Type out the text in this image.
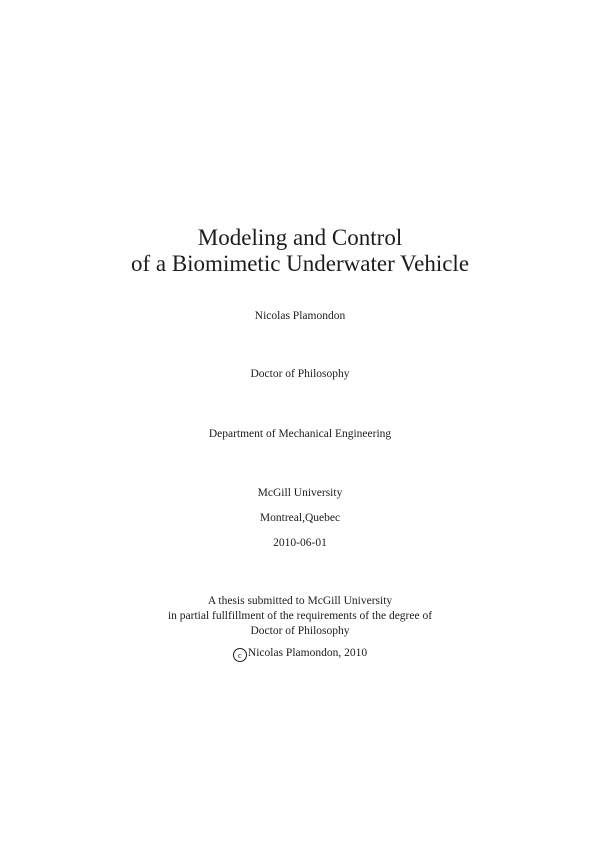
Modeling and Control
of a Biomimetic Underwater Vehicle
Nicolas Plamondon
Doctor of Philosophy
Department of Mechanical Engineering
McGill University
Montreal,Quebec
2010-06-01
A thesis submitted to McGill University
in partial fullfillment of the requirements of the degree of
Doctor of Philosophy
c Nicolas Plamondon, 2010
